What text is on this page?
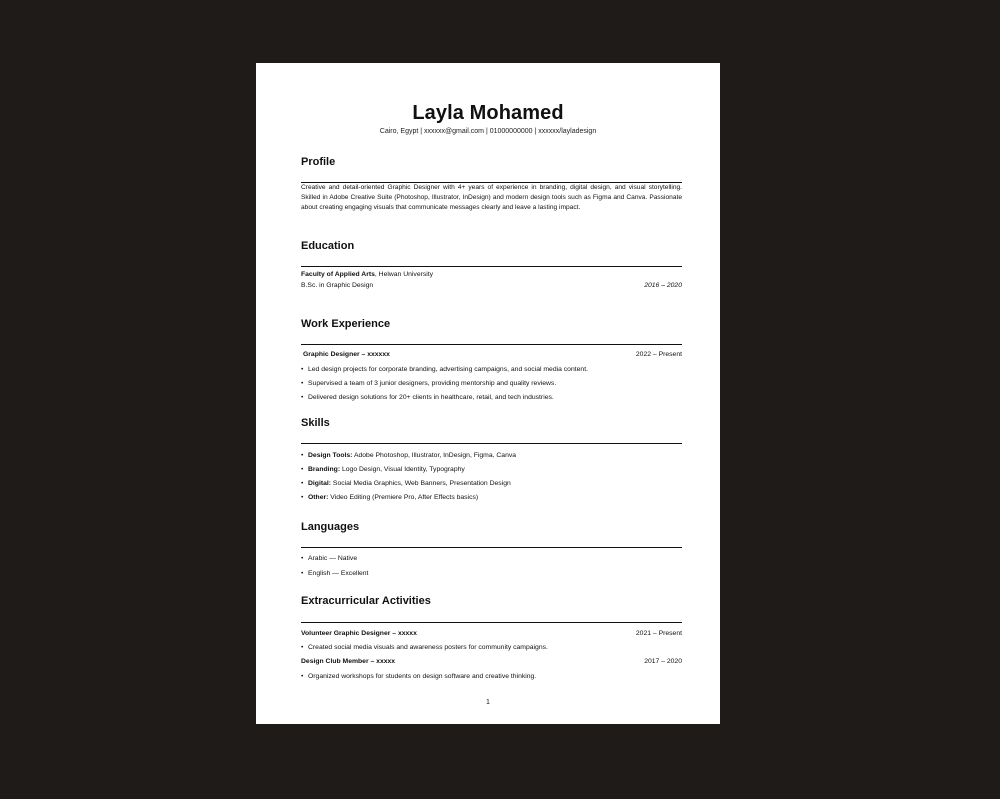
Layla Mohamed
Cairo, Egypt | xxxxxx@gmail.com | 01000000000 | xxxxxx/layladesign
Profile
Creative and detail-oriented Graphic Designer with 4+ years of experience in branding, digital design, and visual storytelling. Skilled in Adobe Creative Suite (Photoshop, Illustrator, InDesign) and modern design tools such as Figma and Canva. Passionate about creating engaging visuals that communicate messages clearly and leave a lasting impact.
Education
Faculty of Applied Arts, Helwan University
B.Sc. in Graphic Design	2016 – 2020
Work Experience
Graphic Designer – xxxxxx	2022 – Present
• Led design projects for corporate branding, advertising campaigns, and social media content.
• Supervised a team of 3 junior designers, providing mentorship and quality reviews.
• Delivered design solutions for 20+ clients in healthcare, retail, and tech industries.
Skills
• Design Tools: Adobe Photoshop, Illustrator, InDesign, Figma, Canva
• Branding: Logo Design, Visual Identity, Typography
• Digital: Social Media Graphics, Web Banners, Presentation Design
• Other: Video Editing (Premiere Pro, After Effects basics)
Languages
• Arabic — Native
• English — Excellent
Extracurricular Activities
Volunteer Graphic Designer – xxxxx	2021 – Present
• Created social media visuals and awareness posters for community campaigns.
Design Club Member – xxxxx	2017 – 2020
• Organized workshops for students on design software and creative thinking.
1
